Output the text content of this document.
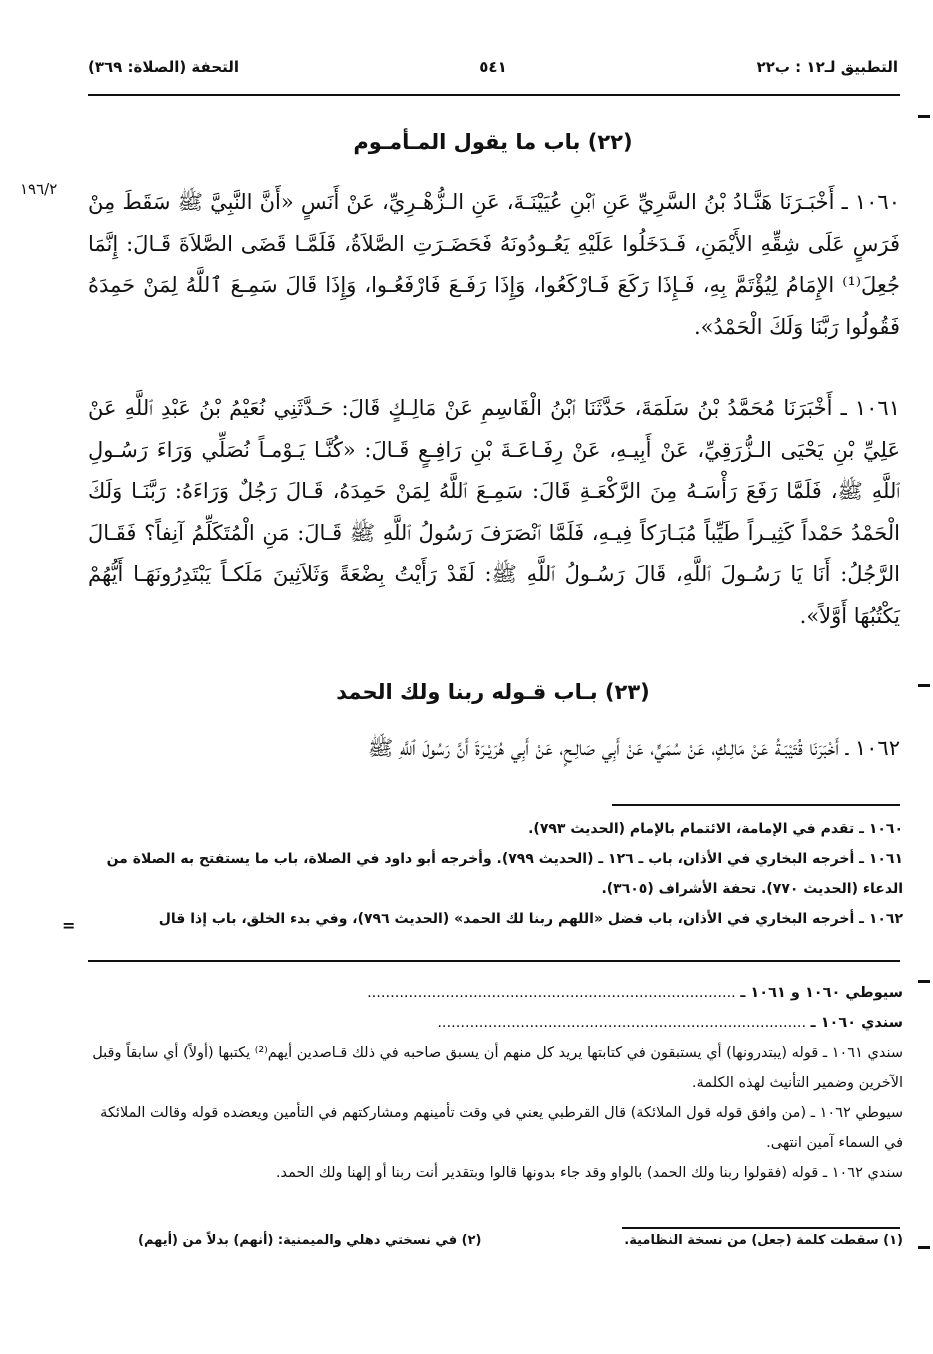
التطبيق لـ١٢ : ب٢٢
٥٤١
التحفة (الصلاة: ٣٦٩)
(٢٢) باب ما يقول المـأمـوم
١٩٦/٢

١٠٦٠ ـ أَخْبَـرَنَا هَنَّـادُ بْنُ السَّرِيِّ عَنِ ٱبْنِ عُيَيْنَـةَ، عَنِ الـزُّهْـرِيِّ، عَنْ أَنَسٍ «أَنَّ النَّبِيَّ ﷺ سَقَطَ مِنْ فَرَسٍ عَلَى شِقِّهِ الأَيْمَنِ، فَـدَخَلُوا عَلَيْهِ يَعُـودُونَهُ فَحَضَـرَتِ الصَّلاَةُ، فَلَمَّـا قَضَى الصَّلاَةَ قَـالَ: إِنَّمَا جُعِلَ⁽¹⁾ الإِمَامُ لِيُؤْتَمَّ بِهِ، فَـإِذَا رَكَعَ فَـارْكَعُوا، وَإِذَا رَفَـعَ فَارْفَعُـوا، وَإِذَا قَالَ سَمِـعَ ٱللَّهُ لِمَنْ حَمِدَهُ فَقُولُوا رَبَّنَا وَلَكَ الْحَمْدُ».

١٠٦١ ـ أَخْبَرَنَا مُحَمَّدُ بْنُ سَلَمَةَ، حَدَّثَنَا ٱبْنُ الْقَاسِمِ عَنْ مَالِـكٍ قَالَ: حَـدَّثَنِي نُعَيْمُ بْنُ عَبْدِ ٱللَّهِ عَنْ عَلِيِّ بْنِ يَحْيَى الـزُّرَقِيِّ، عَنْ أَبِيـهِ، عَنْ رِفَـاعَـةَ بْنِ رَافِـعٍ قَـالَ: «كُنَّـا يَـوْمـاً نُصَلِّي وَرَاءَ رَسُـولِ ٱللَّهِ ﷺ، فَلَمَّا رَفَعَ رَأْسَـهُ مِنَ الرَّكْعَـةِ قَالَ: سَمِـعَ ٱللَّهُ لِمَنْ حَمِدَهُ، قَـالَ رَجُلٌ وَرَاءَهُ: رَبَّنَـا وَلَكَ الْحَمْدُ حَمْداً كَثِيـراً طَيِّباً مُبَـارَكاً فِيـهِ، فَلَمَّا ٱنْصَرَفَ رَسُولُ ٱللَّهِ ﷺ قَـالَ: مَنِ الْمُتَكَلِّمُ آنِفاً؟ فَقَـالَ الرَّجُلُ: أَنَا يَا رَسُـولَ ٱللَّهِ، قَالَ رَسُـولُ ٱللَّهِ ﷺ: لَقَدْ رَأَيْتُ بِضْعَةً وَثَلاَثِينَ مَلَكـاً يَبْتَدِرُونَهَـا أَيُّهُمْ يَكْتُبُهَا أَوَّلاً».

(٢٣) بـاب قـوله ربنا ولك الحمد

١٠٦٢ ـ أَخْبَرَنَا قُتَيْبَـةُ عَنْ مَالِـكٍ، عَنْ سُمَيٍّ، عَنْ أَبِي صَالِـحٍ، عَنْ أَبِي هُرَيْـرَةَ أَنَّ رَسُولَ ٱللَّهِ ﷺ

١٠٦٠ ـ تقدم في الإمامة، الائتمام بالإمام (الحديث ٧٩٣).

١٠٦١ ـ أخرجه البخاري في الأذان، باب ـ ١٢٦ ـ (الحديث ٧٩٩). وأخرجه أبو داود في الصلاة، باب ما يستفتح به الصلاة من الدعاء (الحديث ٧٧٠). تحفة الأشراف (٣٦٠٥).

١٠٦٢ ـ أخرجه البخاري في الأذان، باب فضل «اللهم ربنا لك الحمد» (الحديث ٧٩٦)، وفي بدء الخلق، باب إذا قال

=

سيوطي ١٠٦٠ و ١٠٦١ ـ ................................................................................

سندي ١٠٦٠ ـ ................................................................................

سندي ١٠٦١ ـ قوله (يبتدرونها) أي يستبقون في كتابتها يريد كل منهم أن يسبق صاحبه في ذلك قـاصدين أيهم⁽²⁾ يكتبها (أولاً) أي سابقاً وقبل الآخرين وضمير التأنيث لهذه الكلمة.

سيوطي ١٠٦٢ ـ (من وافق قوله قول الملائكة) قال القرطبي يعني في وقت تأمينهم ومشاركتهم في التأمين ويعضده قوله وقالت الملائكة في السماء آمين انتهى.

سندي ١٠٦٢ ـ قوله (فقولوا ربنا ولك الحمد) بالواو وقد جاء بدونها قالوا وبتقدير أنت ربنا أو إلهنا ولك الحمد.

(١) سقطت كلمة (جعل) من نسخة النظامية.
(٢) في نسختي دهلي والميمنية: (أنهم) بدلاً من (أيهم)
